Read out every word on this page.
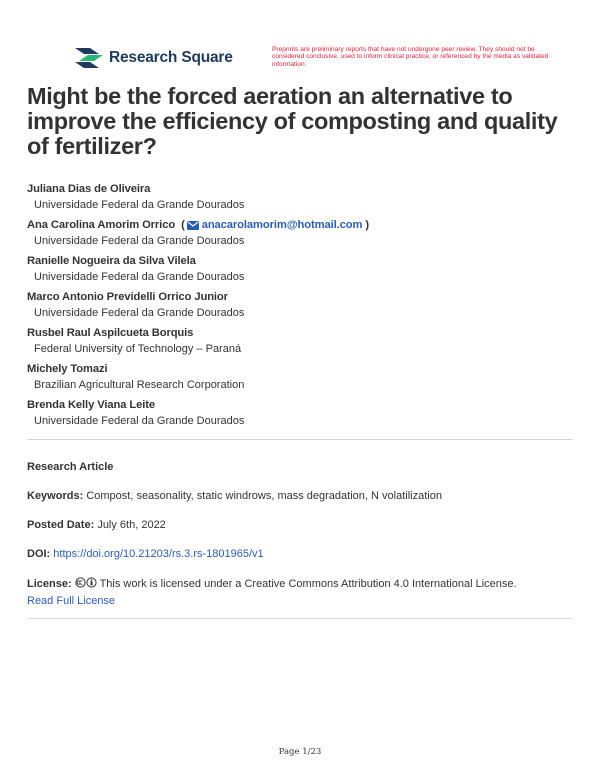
Research Square	Preprints are preliminary reports that have not undergone peer review. They should not be considered conclusive, used to inform clinical practice, or referenced by the media as validated information.
Might be the forced aeration an alternative to improve the efficiency of composting and quality of fertilizer?
Juliana Dias de Oliveira
Universidade Federal da Grande Dourados
Ana Carolina Amorim Orrico ( anacarolamorim@hotmail.com )
Universidade Federal da Grande Dourados
Ranielle Nogueira da Silva Vilela
Universidade Federal da Grande Dourados
Marco Antonio Previdelli Orrico Junior
Universidade Federal da Grande Dourados
Rusbel Raul Aspilcueta Borquis
Federal University of Technology – Paraná
Michely Tomazi
Brazilian Agricultural Research Corporation
Brenda Kelly Viana Leite
Universidade Federal da Grande Dourados
Research Article
Keywords: Compost, seasonality, static windrows, mass degradation, N volatilization
Posted Date: July 6th, 2022
DOI: https://doi.org/10.21203/rs.3.rs-1801965/v1
License:	This work is licensed under a Creative Commons Attribution 4.0 International License.
Read Full License
Page 1/23
